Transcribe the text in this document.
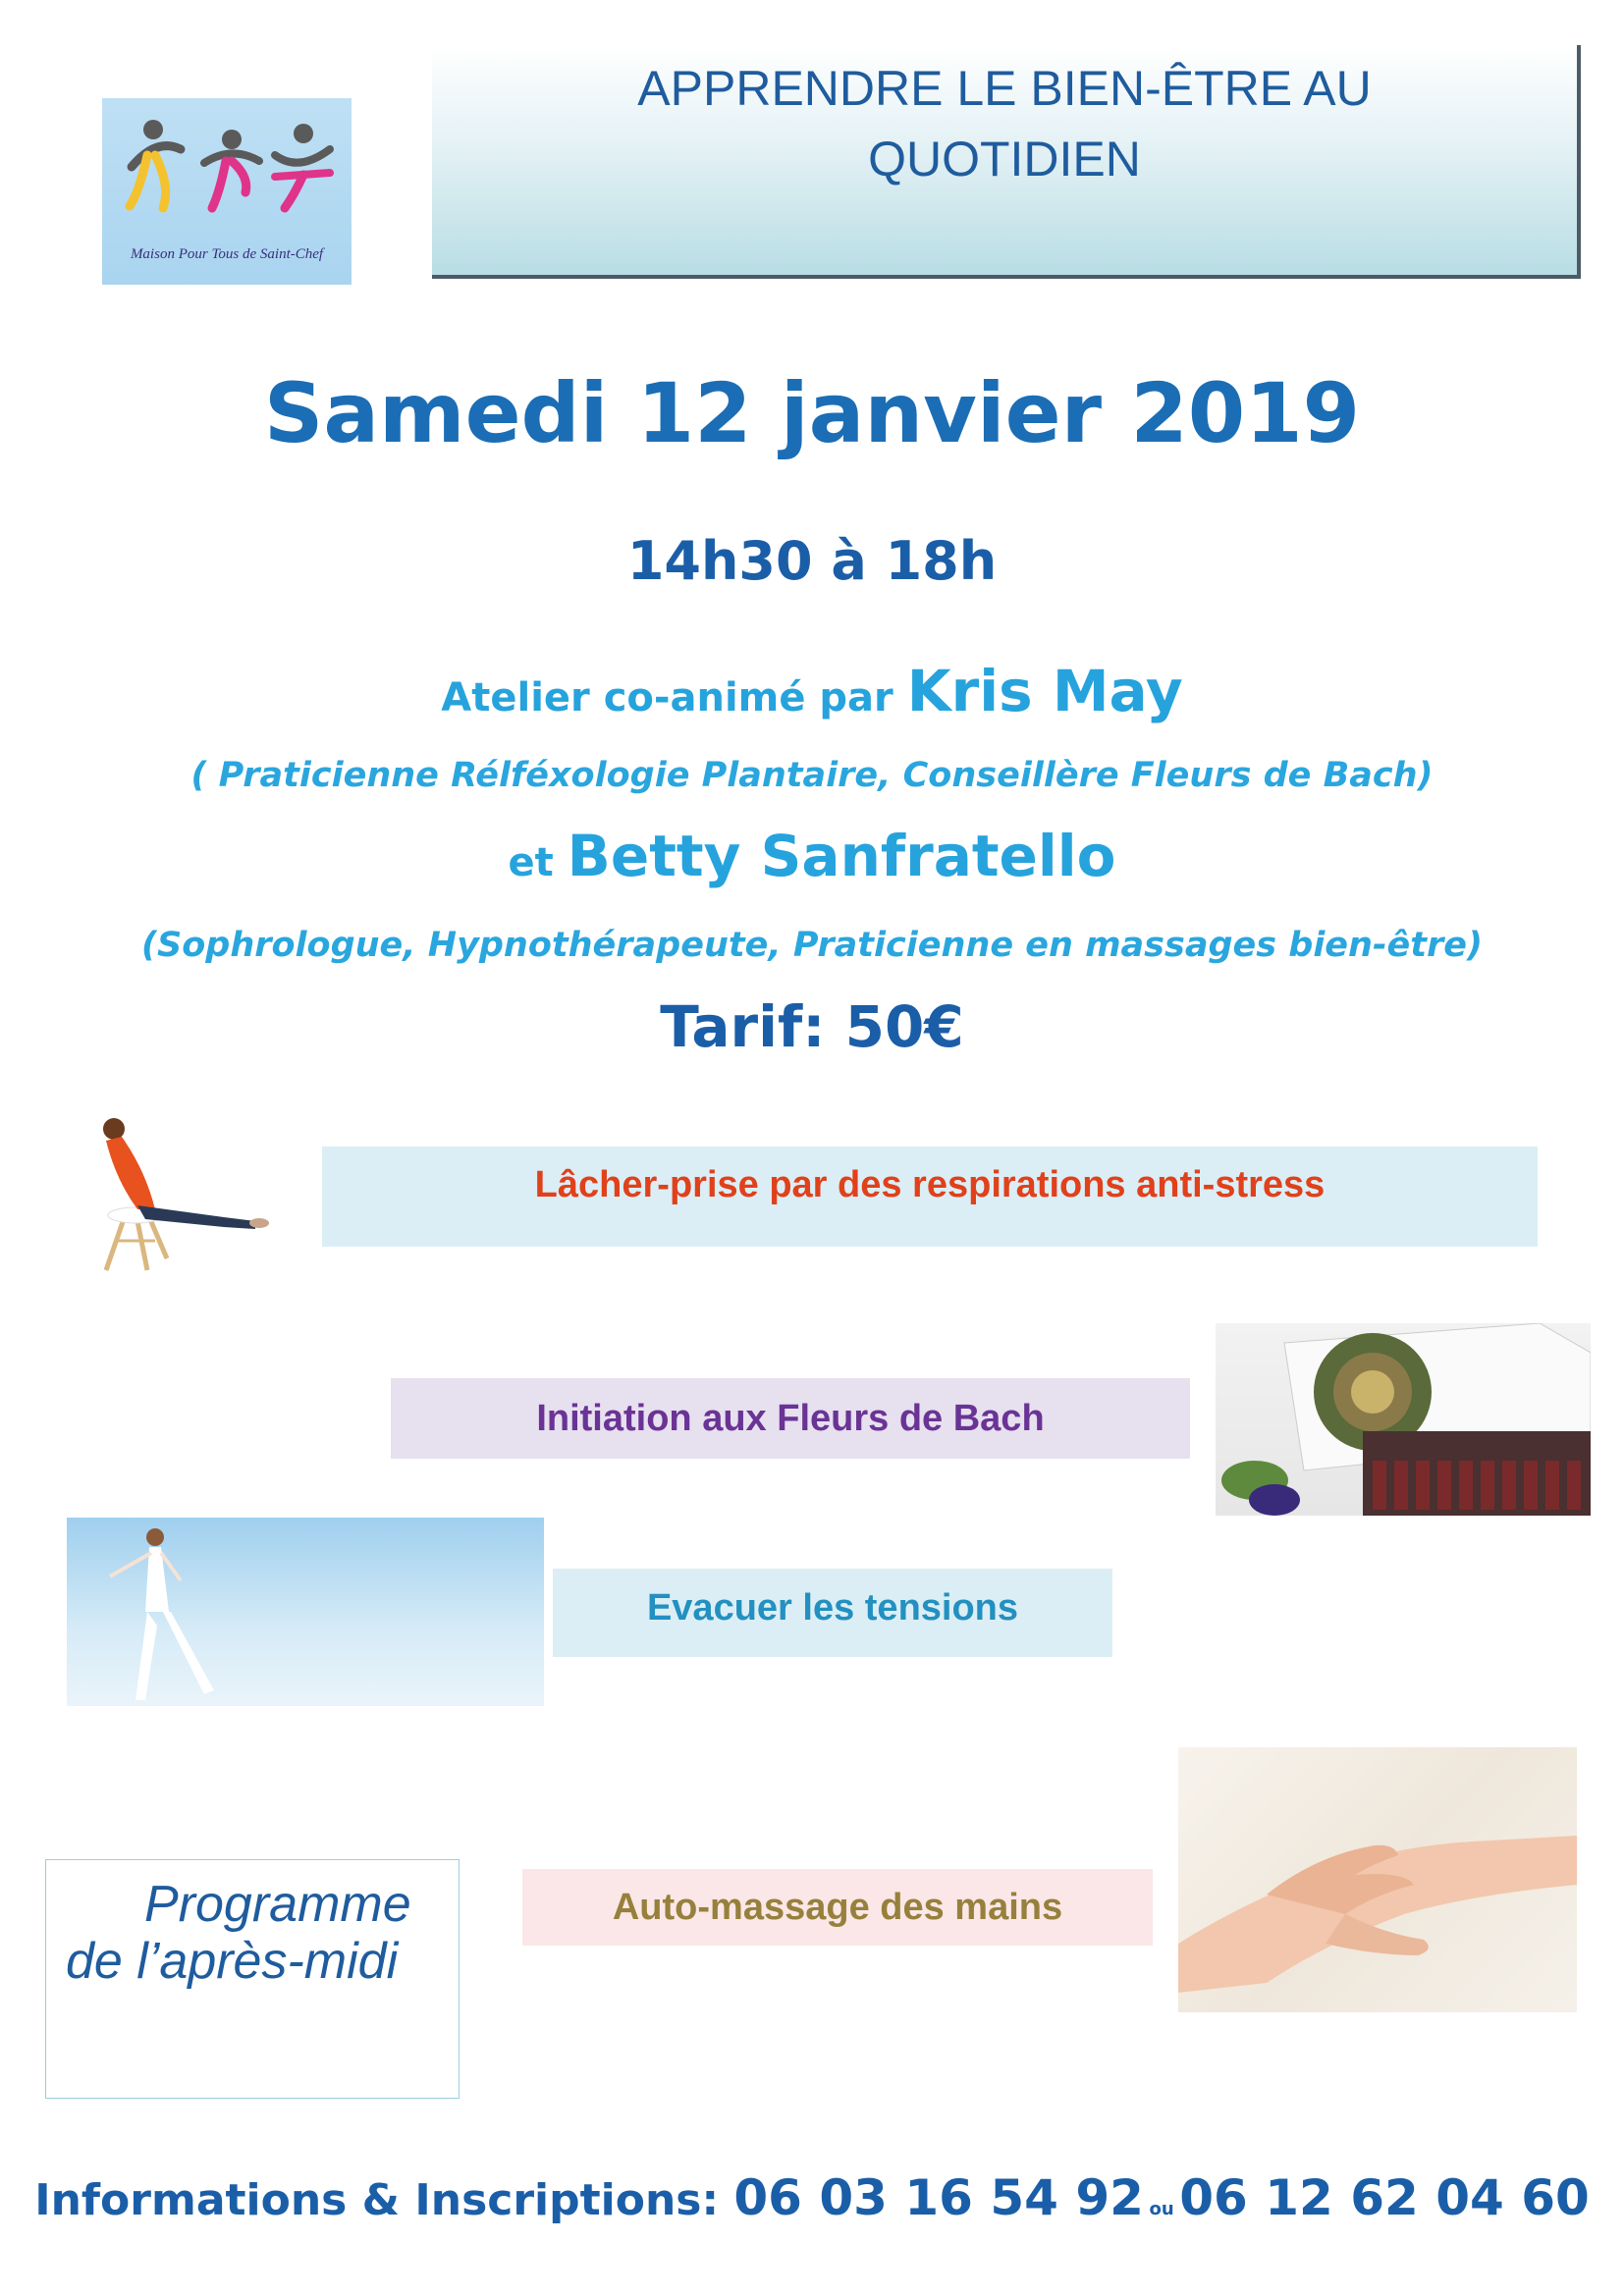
Maison Pour Tous de Saint-Chef
APPRENDRE LE BIEN-ÊTRE AU
QUOTIDIEN
Samedi 12 janvier 2019
14h30 à 18h
Atelier co-animé par Kris May
( Praticienne Rélféxologie Plantaire, Conseillère Fleurs de Bach)
et Betty Sanfratello
(Sophrologue, Hypnothérapeute, Praticienne en massages bien-être)
Tarif: 50€
Lâcher-prise par des respirations anti-stress
Initiation aux Fleurs de Bach
Evacuer les tensions
Auto-massage des mains
Programme
de l’après-midi
Informations & Inscriptions: 06 03 16 54 92 ou 06 12 62 04 60
